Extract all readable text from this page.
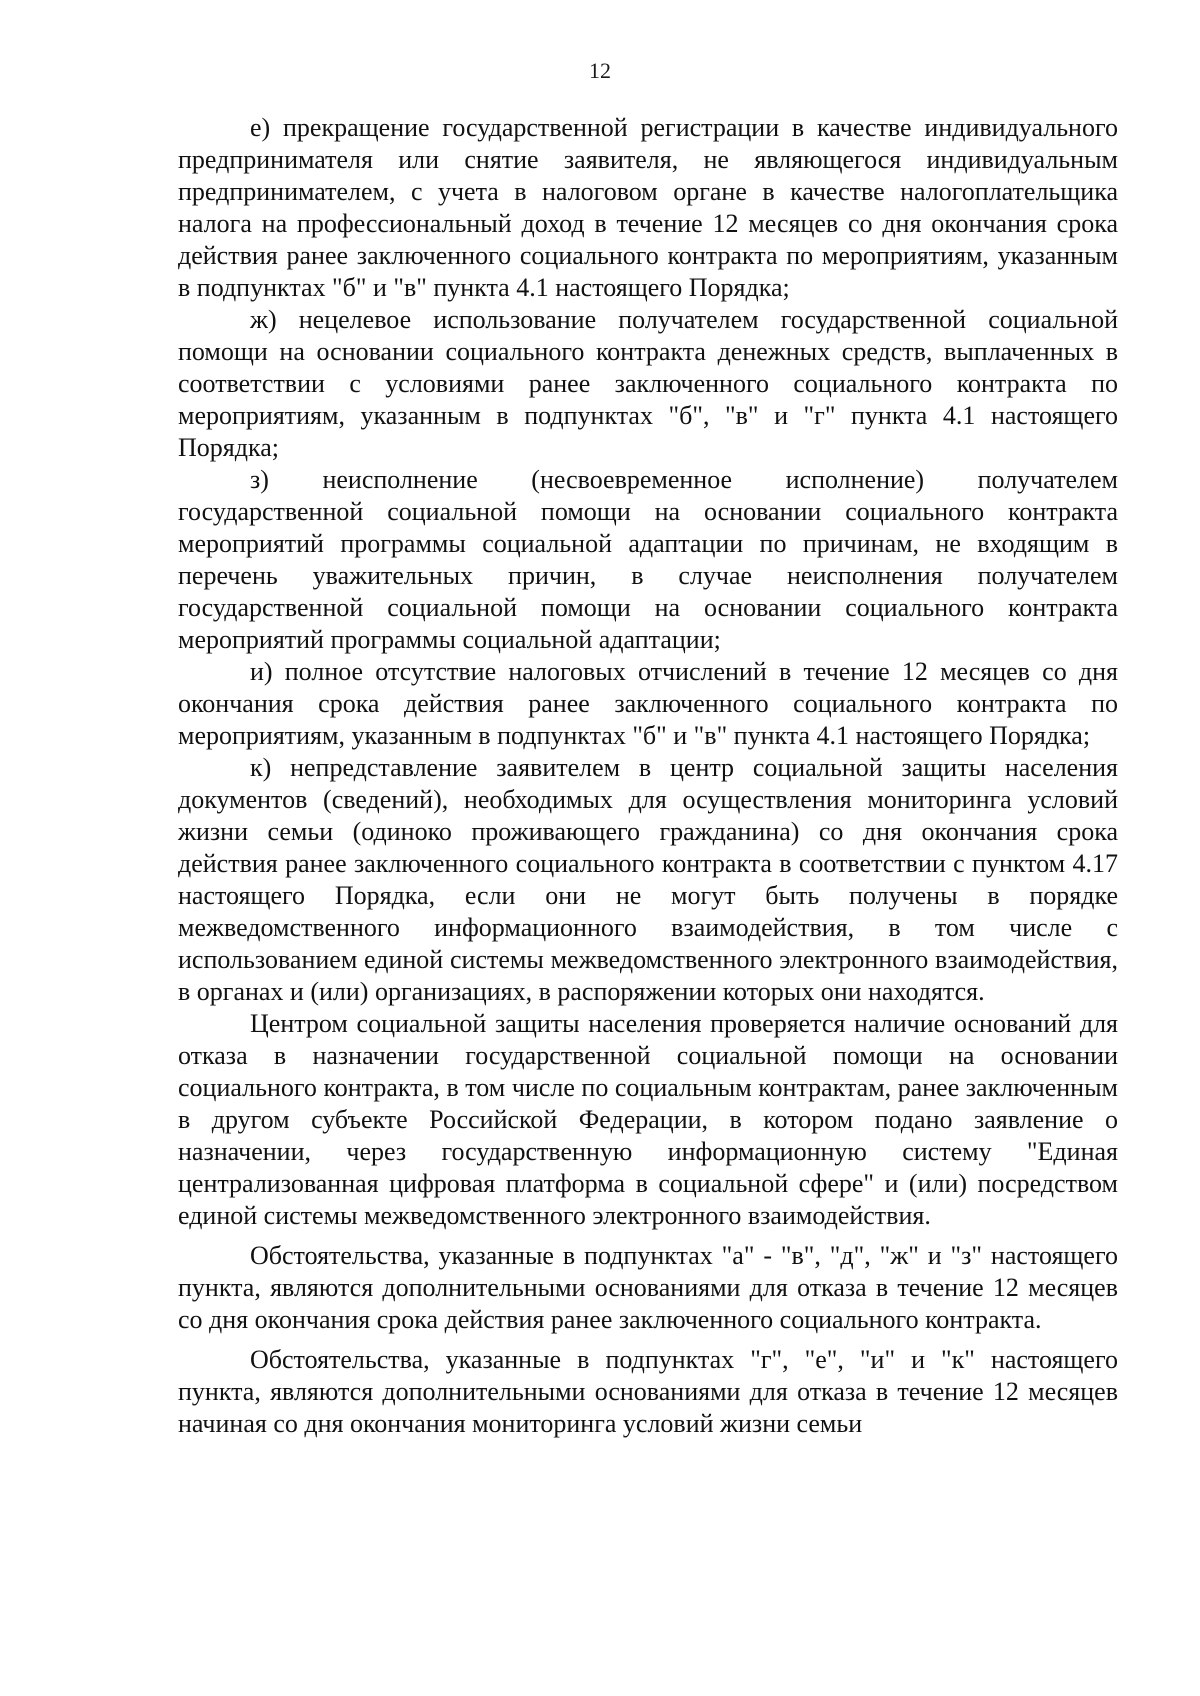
12

е) прекращение государственной регистрации в качестве индивидуального предпринимателя или снятие заявителя, не являющегося индивидуальным предпринимателем, с учета в налоговом органе в качестве налогоплательщика налога на профессиональный доход в течение 12 месяцев со дня окончания срока действия ранее заключенного социального контракта по мероприятиям, указанным в подпунктах "б" и "в" пункта 4.1 настоящего Порядка;

ж) нецелевое использование получателем государственной социальной помощи на основании социального контракта денежных средств, выплаченных в соответствии с условиями ранее заключенного социального контракта по мероприятиям, указанным в подпунктах "б", "в" и "г" пункта 4.1 настоящего Порядка;

з) неисполнение (несвоевременное исполнение) получателем государственной социальной помощи на основании социального контракта мероприятий программы социальной адаптации по причинам, не входящим в перечень уважительных причин, в случае неисполнения получателем государственной социальной помощи на основании социального контракта мероприятий программы социальной адаптации;

и) полное отсутствие налоговых отчислений в течение 12 месяцев со дня окончания срока действия ранее заключенного социального контракта по мероприятиям, указанным в подпунктах "б" и "в" пункта 4.1 настоящего Порядка;

к) непредставление заявителем в центр социальной защиты населения документов (сведений), необходимых для осуществления мониторинга условий жизни семьи (одиноко проживающего гражданина) со дня окончания срока действия ранее заключенного социального контракта в соответствии с пунктом 4.17 настоящего Порядка, если они не могут быть получены в порядке межведомственного информационного взаимодействия, в том числе с использованием единой системы межведомственного электронного взаимодействия, в органах и (или) организациях, в распоряжении которых они находятся.

Центром социальной защиты населения проверяется наличие оснований для отказа в назначении государственной социальной помощи на основании социального контракта, в том числе по социальным контрактам, ранее заключенным в другом субъекте Российской Федерации, в котором подано заявление о назначении, через государственную информационную систему "Единая централизованная цифровая платформа в социальной сфере" и (или) посредством единой системы межведомственного электронного взаимодействия.

Обстоятельства, указанные в подпунктах "а" - "в", "д", "ж" и "з" настоящего пункта, являются дополнительными основаниями для отказа в течение 12 месяцев со дня окончания срока действия ранее заключенного социального контракта.

Обстоятельства, указанные в подпунктах "г", "е", "и" и "к" настоящего пункта, являются дополнительными основаниями для отказа в течение 12 месяцев начиная со дня окончания мониторинга условий жизни семьи
